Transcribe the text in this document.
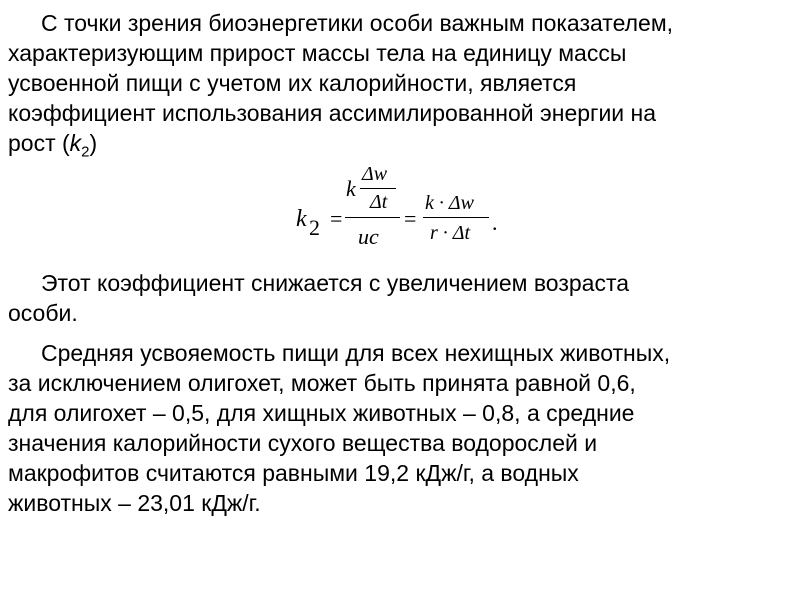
С точки зрения биоэнергетики особи важным показателем,
характеризующим прирост массы тела на единицу массы
усвоенной пищи с учетом их калорийности, является
коэффициент использования ассимилированной энергии на
рост $(k_2)$

k 2 =
k
Δw
Δt
uc
=
k · Δw
r · Δt .

Этот коэффициент снижается с увеличением возраста
особи.

Средняя усвояемость пищи для всех нехищных животных,
за исключением олигохет, может быть принята равной 0,6,
для олигохет – 0,5, для хищных животных – 0,8, а средние
значения калорийности сухого вещества водорослей и
макрофитов считаются равными 19,2 кДж/г, а водных
животных – 23,01 кДж/г.
